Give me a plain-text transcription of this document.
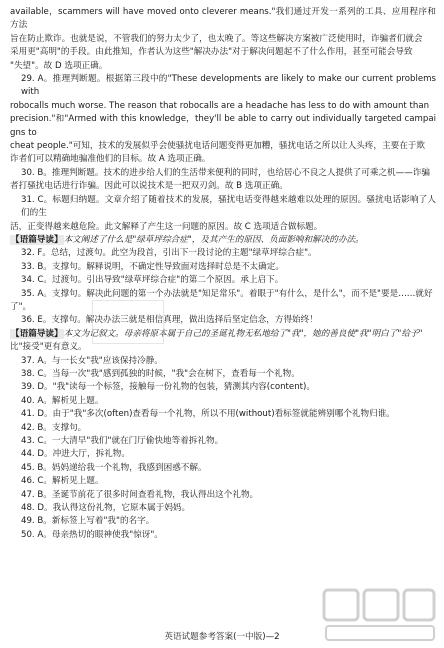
available，scammers will have moved onto cleverer means."我们通过开发一系列的工具、应用程序和方法

旨在防止欺诈。也就是说，不管我们的努力太少了，也太晚了。等这些解决方案被广泛使用时，诈骗者们就会

采用更"高明"的手段。由此推知，作者认为这些"解决办法"对于解决问题起不了什么作用，甚至可能会导致

"失望"。故 D 选项正确。

29. A。推理判断题。根据第三段中的"These developments are likely to make our current problems with

robocalls much worse. The reason that robocalls are a headache has less to do with amount than

precision."和"Armed with this knowledge，they'll be able to carry out individually targeted campaigns to

cheat people."可知，技术的发展似乎会使骚扰电话问题变得更加糟，骚扰电话之所以让人头疼，主要在于欺

诈者们可以精确地骗准他们的目标。故 A 选项正确。

30. B。推理判断题。技术的进步给人们的生活带来便利的同时，也给居心不良之人提供了可乘之机——诈骗

者打骚扰电话进行诈骗。因此可以说技术是一把双刃剑。故 B 选项正确。

31. C。标题归纳题。文章介绍了随着技术的发展，骚扰电话变得越来越难以处理的原因。骚扰电话影响了人们的生

活，正变得越来越危险。此文解释了产生这一问题的原因。故 C 选项适合做标题。

【语篇导读】本文阐述了什么是"绿草坪综合症"，及其产生的原因、负面影响和解决的办法。

32. F。总结，过渡句。此空为段首，引出下一段讨论的主题"绿草坪综合症"。

33. B。支撑句。解释说明，不确定性导致面对选择时总是不太确定。

34. C。过渡句。引出导致"绿草坪综合症"的第二个原因。承上启下。

35. A。支撑句。解决此问题的第一个办法就是"知足常乐"。着眼于"有什么，是什么"，而不是"要是……就好

了"。

36. E。支撑句。解决办法三就是相信真理，做出选择后坚定信念，方得始终！

【语篇导读】本文为记叙文。母亲将原本属于自己的圣诞礼物无私地给了"我"，她的善良使"我"明白了"给予"

比"接受"更有意义。

37. A。与一长女"我"应该保持冷静。

38. C。当每一次"我"感到孤独的时候，"我"会在树下，查看每一个礼物。

39. D。"我"读每一个标签，接触每一份礼物的包装，猜测其内容(content)。

40. A。解析见上题。

41. D。由于"我"多次(often)查看每一个礼物，所以不用(without)看标签就能辨别哪个礼物归谁。

42. B。支撑句。

43. C。一大清早"我们"就在门厅偷快地等着拆礼物。

44. D。冲进大厅，拆礼物。

45. B。妈妈递给我一个礼物，我感到困惑不解。

46. C。解析见上题。

47. B。圣诞节前花了很多时间查看礼物，我认得出这个礼物。

48. D。我认得这份礼物，它原本属于妈妈。

49. B。新标签上写着"我"的名字。

50. A。母亲热切的眼神使我"惊讶"。

英语试题参考答案(一中版)—2
